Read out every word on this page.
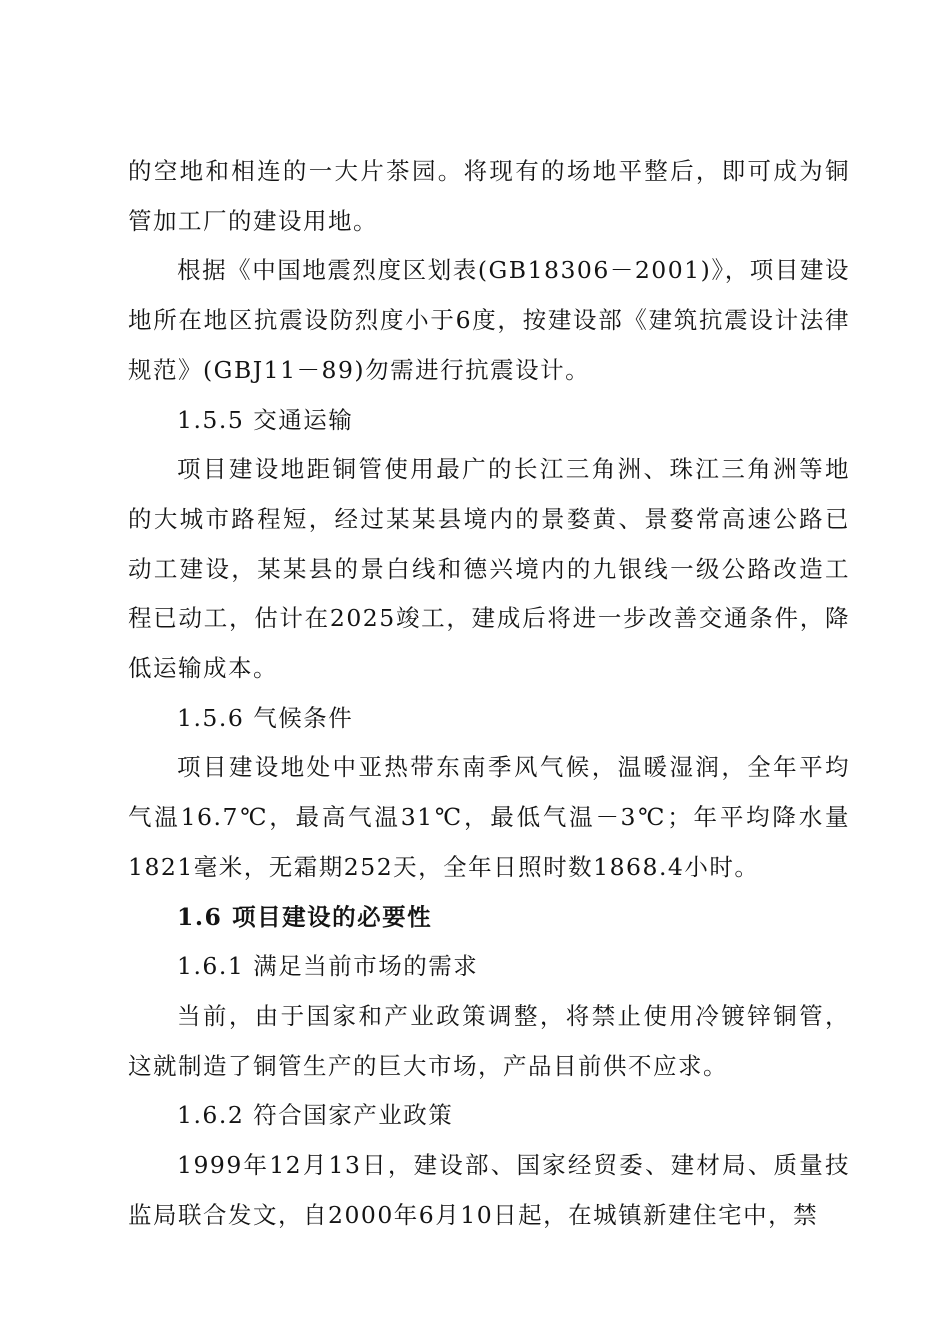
的空地和相连的一大片茶园。将现有的场地平整后，即可成为铜管加工厂的建设用地。

根据《中国地震烈度区划表(GB18306－2001)》，项目建设地所在地区抗震设防烈度小于6度，按建设部《建筑抗震设计法律规范》(GBJ11－89)勿需进行抗震设计。

1.5.5 交通运输

项目建设地距铜管使用最广的长江三角洲、珠江三角洲等地的大城市路程短，经过某某县境内的景婺黄、景婺常高速公路已动工建设，某某县的景白线和德兴境内的九银线一级公路改造工程已动工，估计在2025竣工，建成后将进一步改善交通条件，降低运输成本。

1.5.6 气候条件

项目建设地处中亚热带东南季风气候，温暖湿润，全年平均气温16.7℃，最高气温31℃，最低气温－3℃；年平均降水量1821毫米，无霜期252天，全年日照时数1868.4小时。

1.6 项目建设的必要性

1.6.1 满足当前市场的需求

当前，由于国家和产业政策调整，将禁止使用冷镀锌铜管，这就制造了铜管生产的巨大市场，产品目前供不应求。

1.6.2 符合国家产业政策

1999年12月13日，建设部、国家经贸委、建材局、质量技监局联合发文，自2000年6月10日起，在城镇新建住宅中，禁
